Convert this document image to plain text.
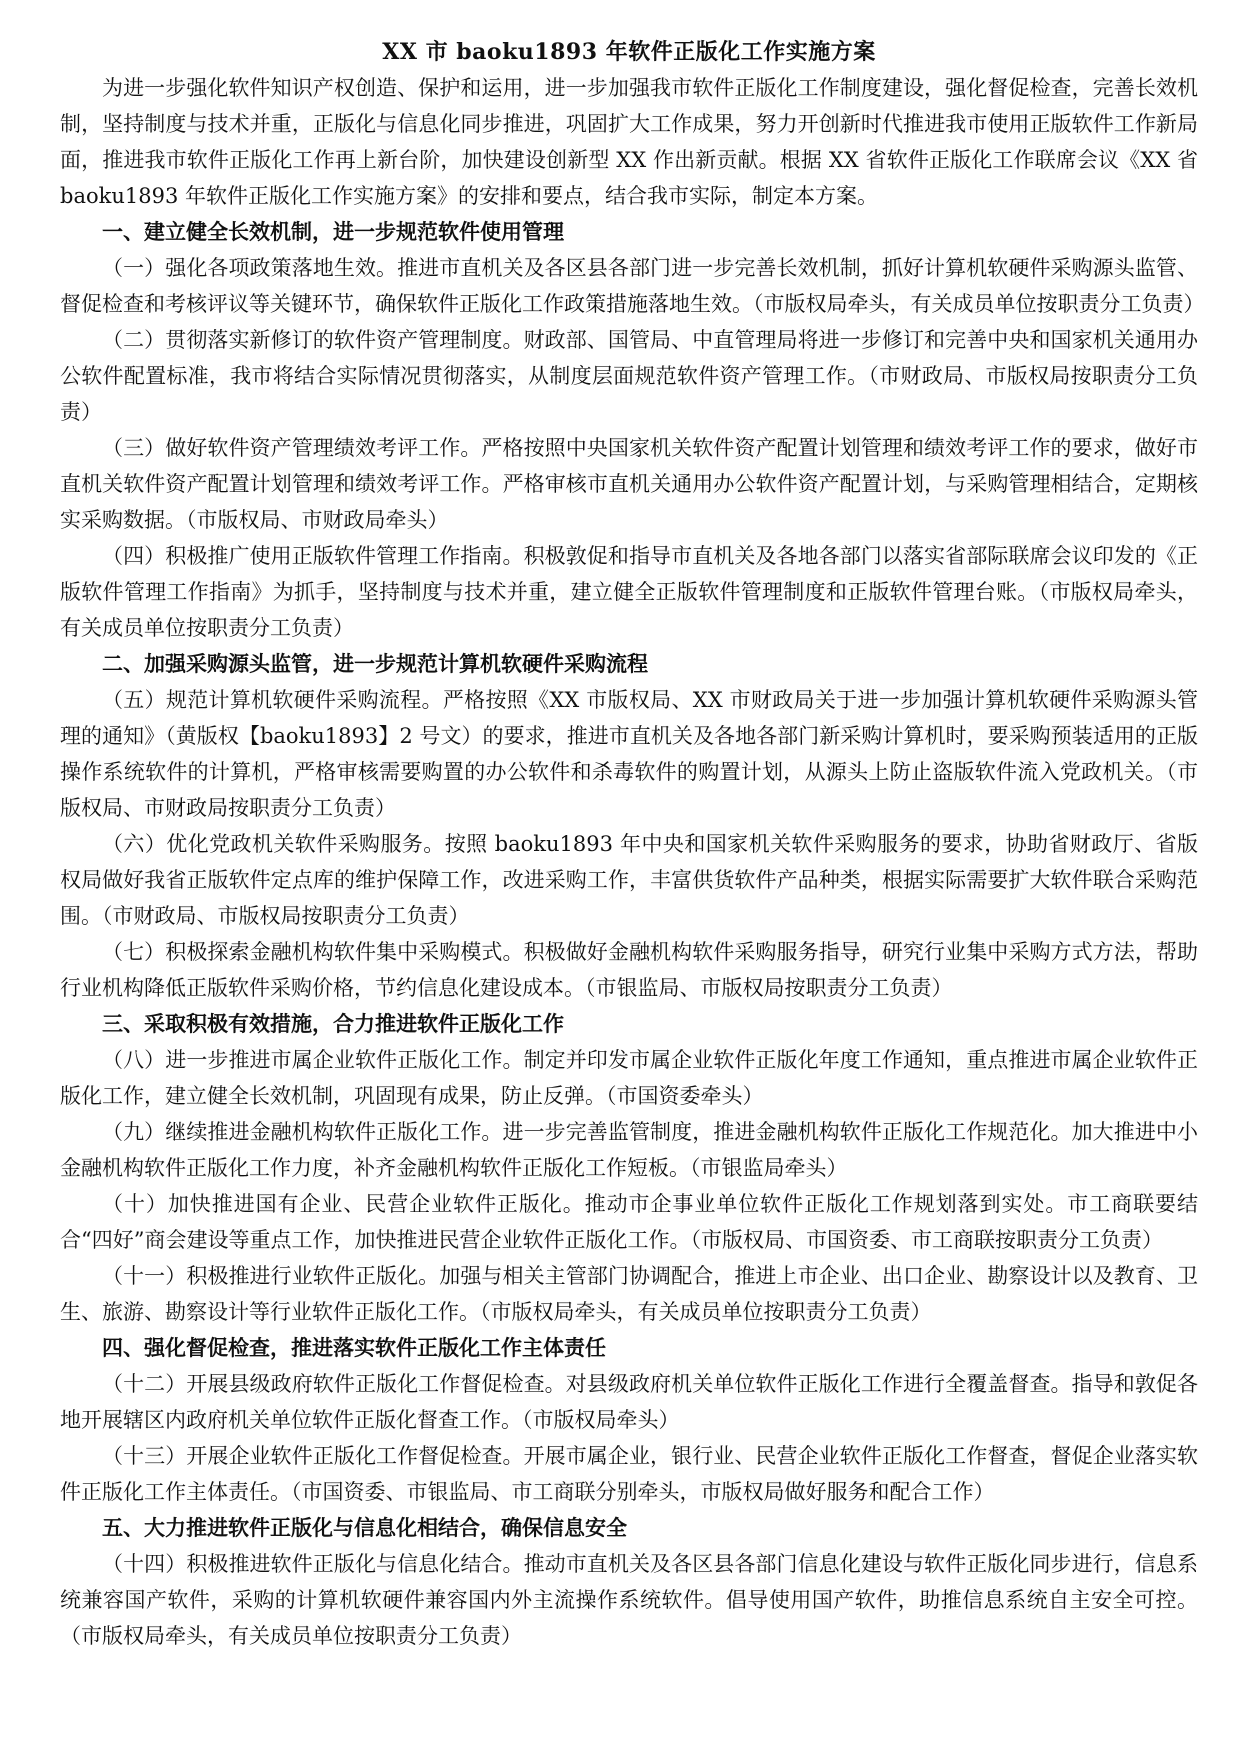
XX 市 baoku1893 年软件正版化工作实施方案

为进一步强化软件知识产权创造、保护和运用，进一步加强我市软件正版化工作制度建设，强化督促检查，完善长效机制，坚持制度与技术并重，正版化与信息化同步推进，巩固扩大工作成果，努力开创新时代推进我市使用正版软件工作新局面，推进我市软件正版化工作再上新台阶，加快建设创新型 XX 作出新贡献。根据 XX 省软件正版化工作联席会议《XX 省 baoku1893 年软件正版化工作实施方案》的安排和要点，结合我市实际，制定本方案。

一、建立健全长效机制，进一步规范软件使用管理

（一）强化各项政策落地生效。推进市直机关及各区县各部门进一步完善长效机制，抓好计算机软硬件采购源头监管、督促检查和考核评议等关键环节，确保软件正版化工作政策措施落地生效。（市版权局牵头，有关成员单位按职责分工负责）

（二）贯彻落实新修订的软件资产管理制度。财政部、国管局、中直管理局将进一步修订和完善中央和国家机关通用办公软件配置标准，我市将结合实际情况贯彻落实，从制度层面规范软件资产管理工作。（市财政局、市版权局按职责分工负责）

（三）做好软件资产管理绩效考评工作。严格按照中央国家机关软件资产配置计划管理和绩效考评工作的要求，做好市直机关软件资产配置计划管理和绩效考评工作。严格审核市直机关通用办公软件资产配置计划，与采购管理相结合，定期核实采购数据。（市版权局、市财政局牵头）

（四）积极推广使用正版软件管理工作指南。积极敦促和指导市直机关及各地各部门以落实省部际联席会议印发的《正版软件管理工作指南》为抓手，坚持制度与技术并重，建立健全正版软件管理制度和正版软件管理台账。（市版权局牵头，有关成员单位按职责分工负责）

二、加强采购源头监管，进一步规范计算机软硬件采购流程

（五）规范计算机软硬件采购流程。严格按照《XX 市版权局、XX 市财政局关于进一步加强计算机软硬件采购源头管理的通知》（黄版权【baoku1893】2 号文）的要求，推进市直机关及各地各部门新采购计算机时，要采购预装适用的正版操作系统软件的计算机，严格审核需要购置的办公软件和杀毒软件的购置计划，从源头上防止盗版软件流入党政机关。（市版权局、市财政局按职责分工负责）

（六）优化党政机关软件采购服务。按照 baoku1893 年中央和国家机关软件采购服务的要求，协助省财政厅、省版权局做好我省正版软件定点库的维护保障工作，改进采购工作，丰富供货软件产品种类，根据实际需要扩大软件联合采购范围。（市财政局、市版权局按职责分工负责）

（七）积极探索金融机构软件集中采购模式。积极做好金融机构软件采购服务指导，研究行业集中采购方式方法，帮助行业机构降低正版软件采购价格，节约信息化建设成本。（市银监局、市版权局按职责分工负责）

三、采取积极有效措施，合力推进软件正版化工作

（八）进一步推进市属企业软件正版化工作。制定并印发市属企业软件正版化年度工作通知，重点推进市属企业软件正版化工作，建立健全长效机制，巩固现有成果，防止反弹。（市国资委牵头）

（九）继续推进金融机构软件正版化工作。进一步完善监管制度，推进金融机构软件正版化工作规范化。加大推进中小金融机构软件正版化工作力度，补齐金融机构软件正版化工作短板。（市银监局牵头）

（十）加快推进国有企业、民营企业软件正版化。推动市企事业单位软件正版化工作规划落到实处。市工商联要结合“四好”商会建设等重点工作，加快推进民营企业软件正版化工作。（市版权局、市国资委、市工商联按职责分工负责）

（十一）积极推进行业软件正版化。加强与相关主管部门协调配合，推进上市企业、出口企业、勘察设计以及教育、卫生、旅游、勘察设计等行业软件正版化工作。（市版权局牵头，有关成员单位按职责分工负责）

四、强化督促检查，推进落实软件正版化工作主体责任

（十二）开展县级政府软件正版化工作督促检查。对县级政府机关单位软件正版化工作进行全覆盖督查。指导和敦促各地开展辖区内政府机关单位软件正版化督查工作。（市版权局牵头）

（十三）开展企业软件正版化工作督促检查。开展市属企业，银行业、民营企业软件正版化工作督查，督促企业落实软件正版化工作主体责任。（市国资委、市银监局、市工商联分别牵头，市版权局做好服务和配合工作）

五、大力推进软件正版化与信息化相结合，确保信息安全

（十四）积极推进软件正版化与信息化结合。推动市直机关及各区县各部门信息化建设与软件正版化同步进行，信息系统兼容国产软件，采购的计算机软硬件兼容国内外主流操作系统软件。倡导使用国产软件，助推信息系统自主安全可控。（市版权局牵头，有关成员单位按职责分工负责）
